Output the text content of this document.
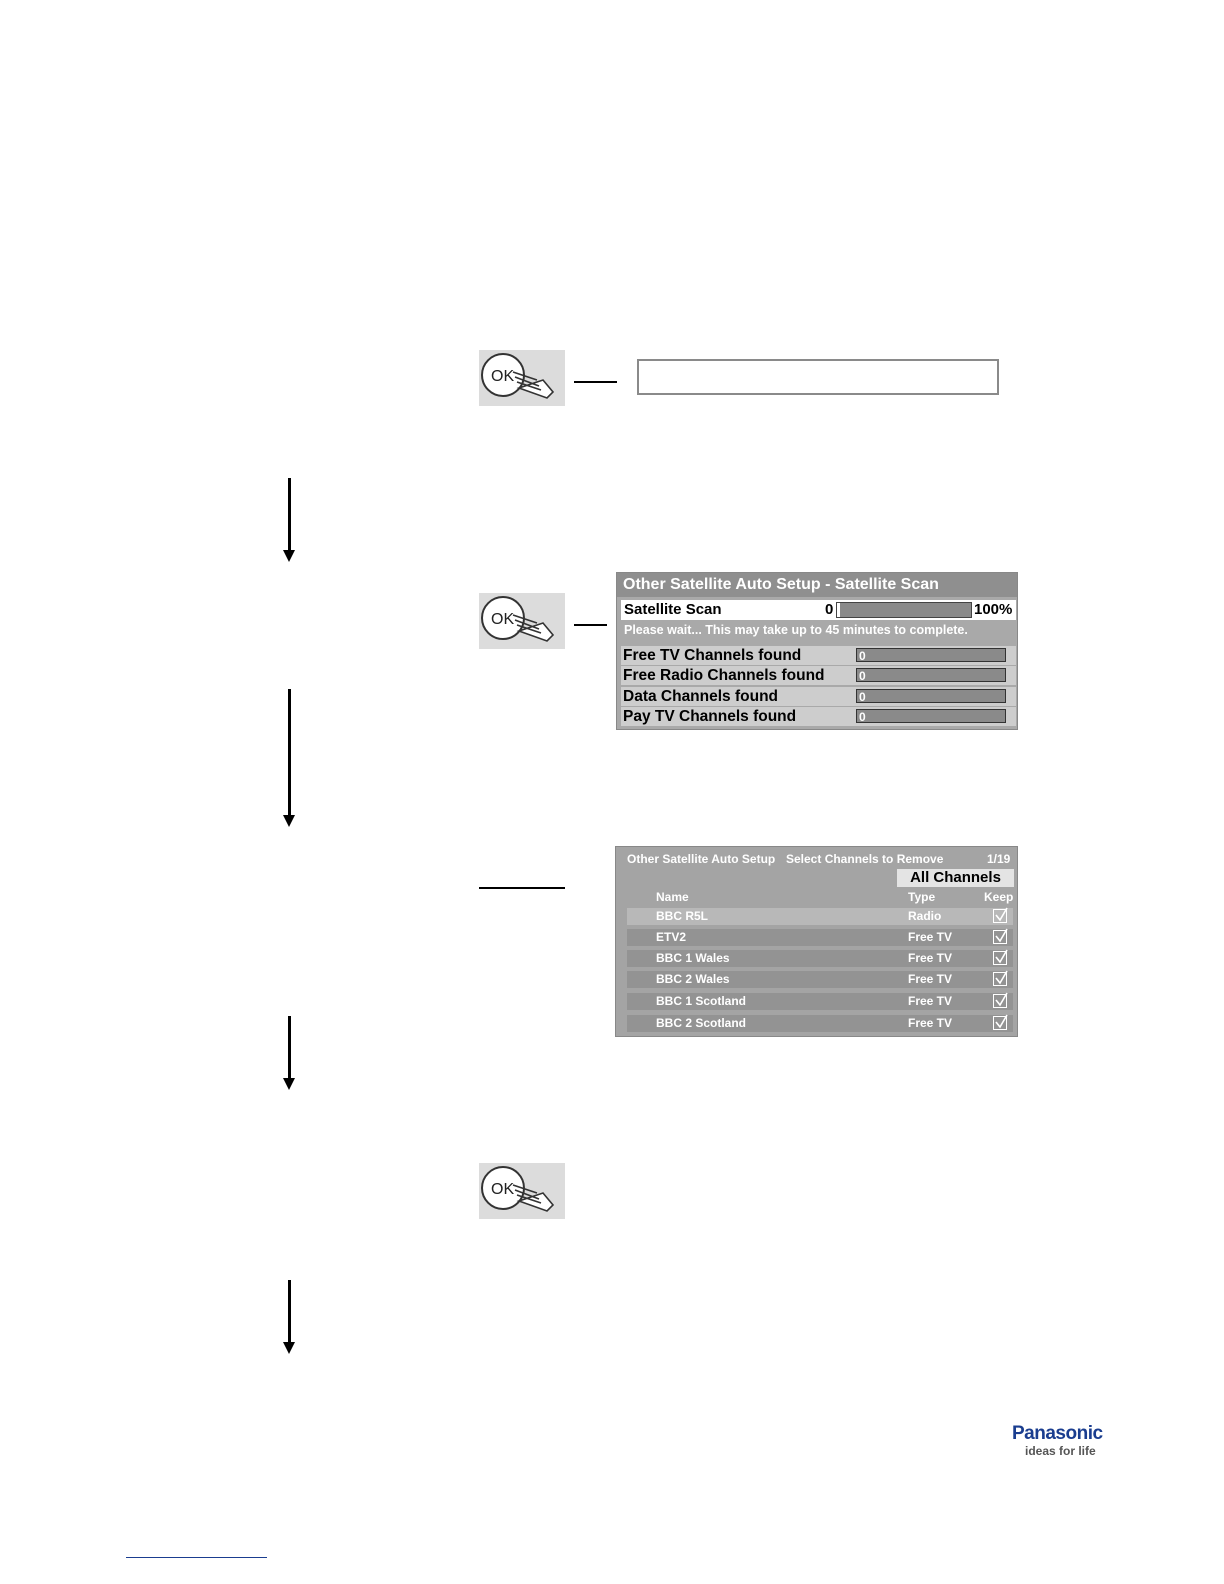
OK
OK
Other Satellite Auto Setup - Satellite Scan
Satellite Scan	0	100%
Please wait... This may take up to 45 minutes to complete.
Free TV Channels found	0
Free Radio Channels found	0
Data Channels found	0
Pay TV Channels found	0
Other Satellite Auto Setup Select Channels to Remove	1/19
All Channels
Name	Type	Keep
BBC R5L	Radio
ETV2	Free TV
BBC 1 Wales	Free TV
BBC 2 Wales	Free TV
BBC 1 Scotland	Free TV
BBC 2 Scotland	Free TV
OK
Panasonic
ideas for life
